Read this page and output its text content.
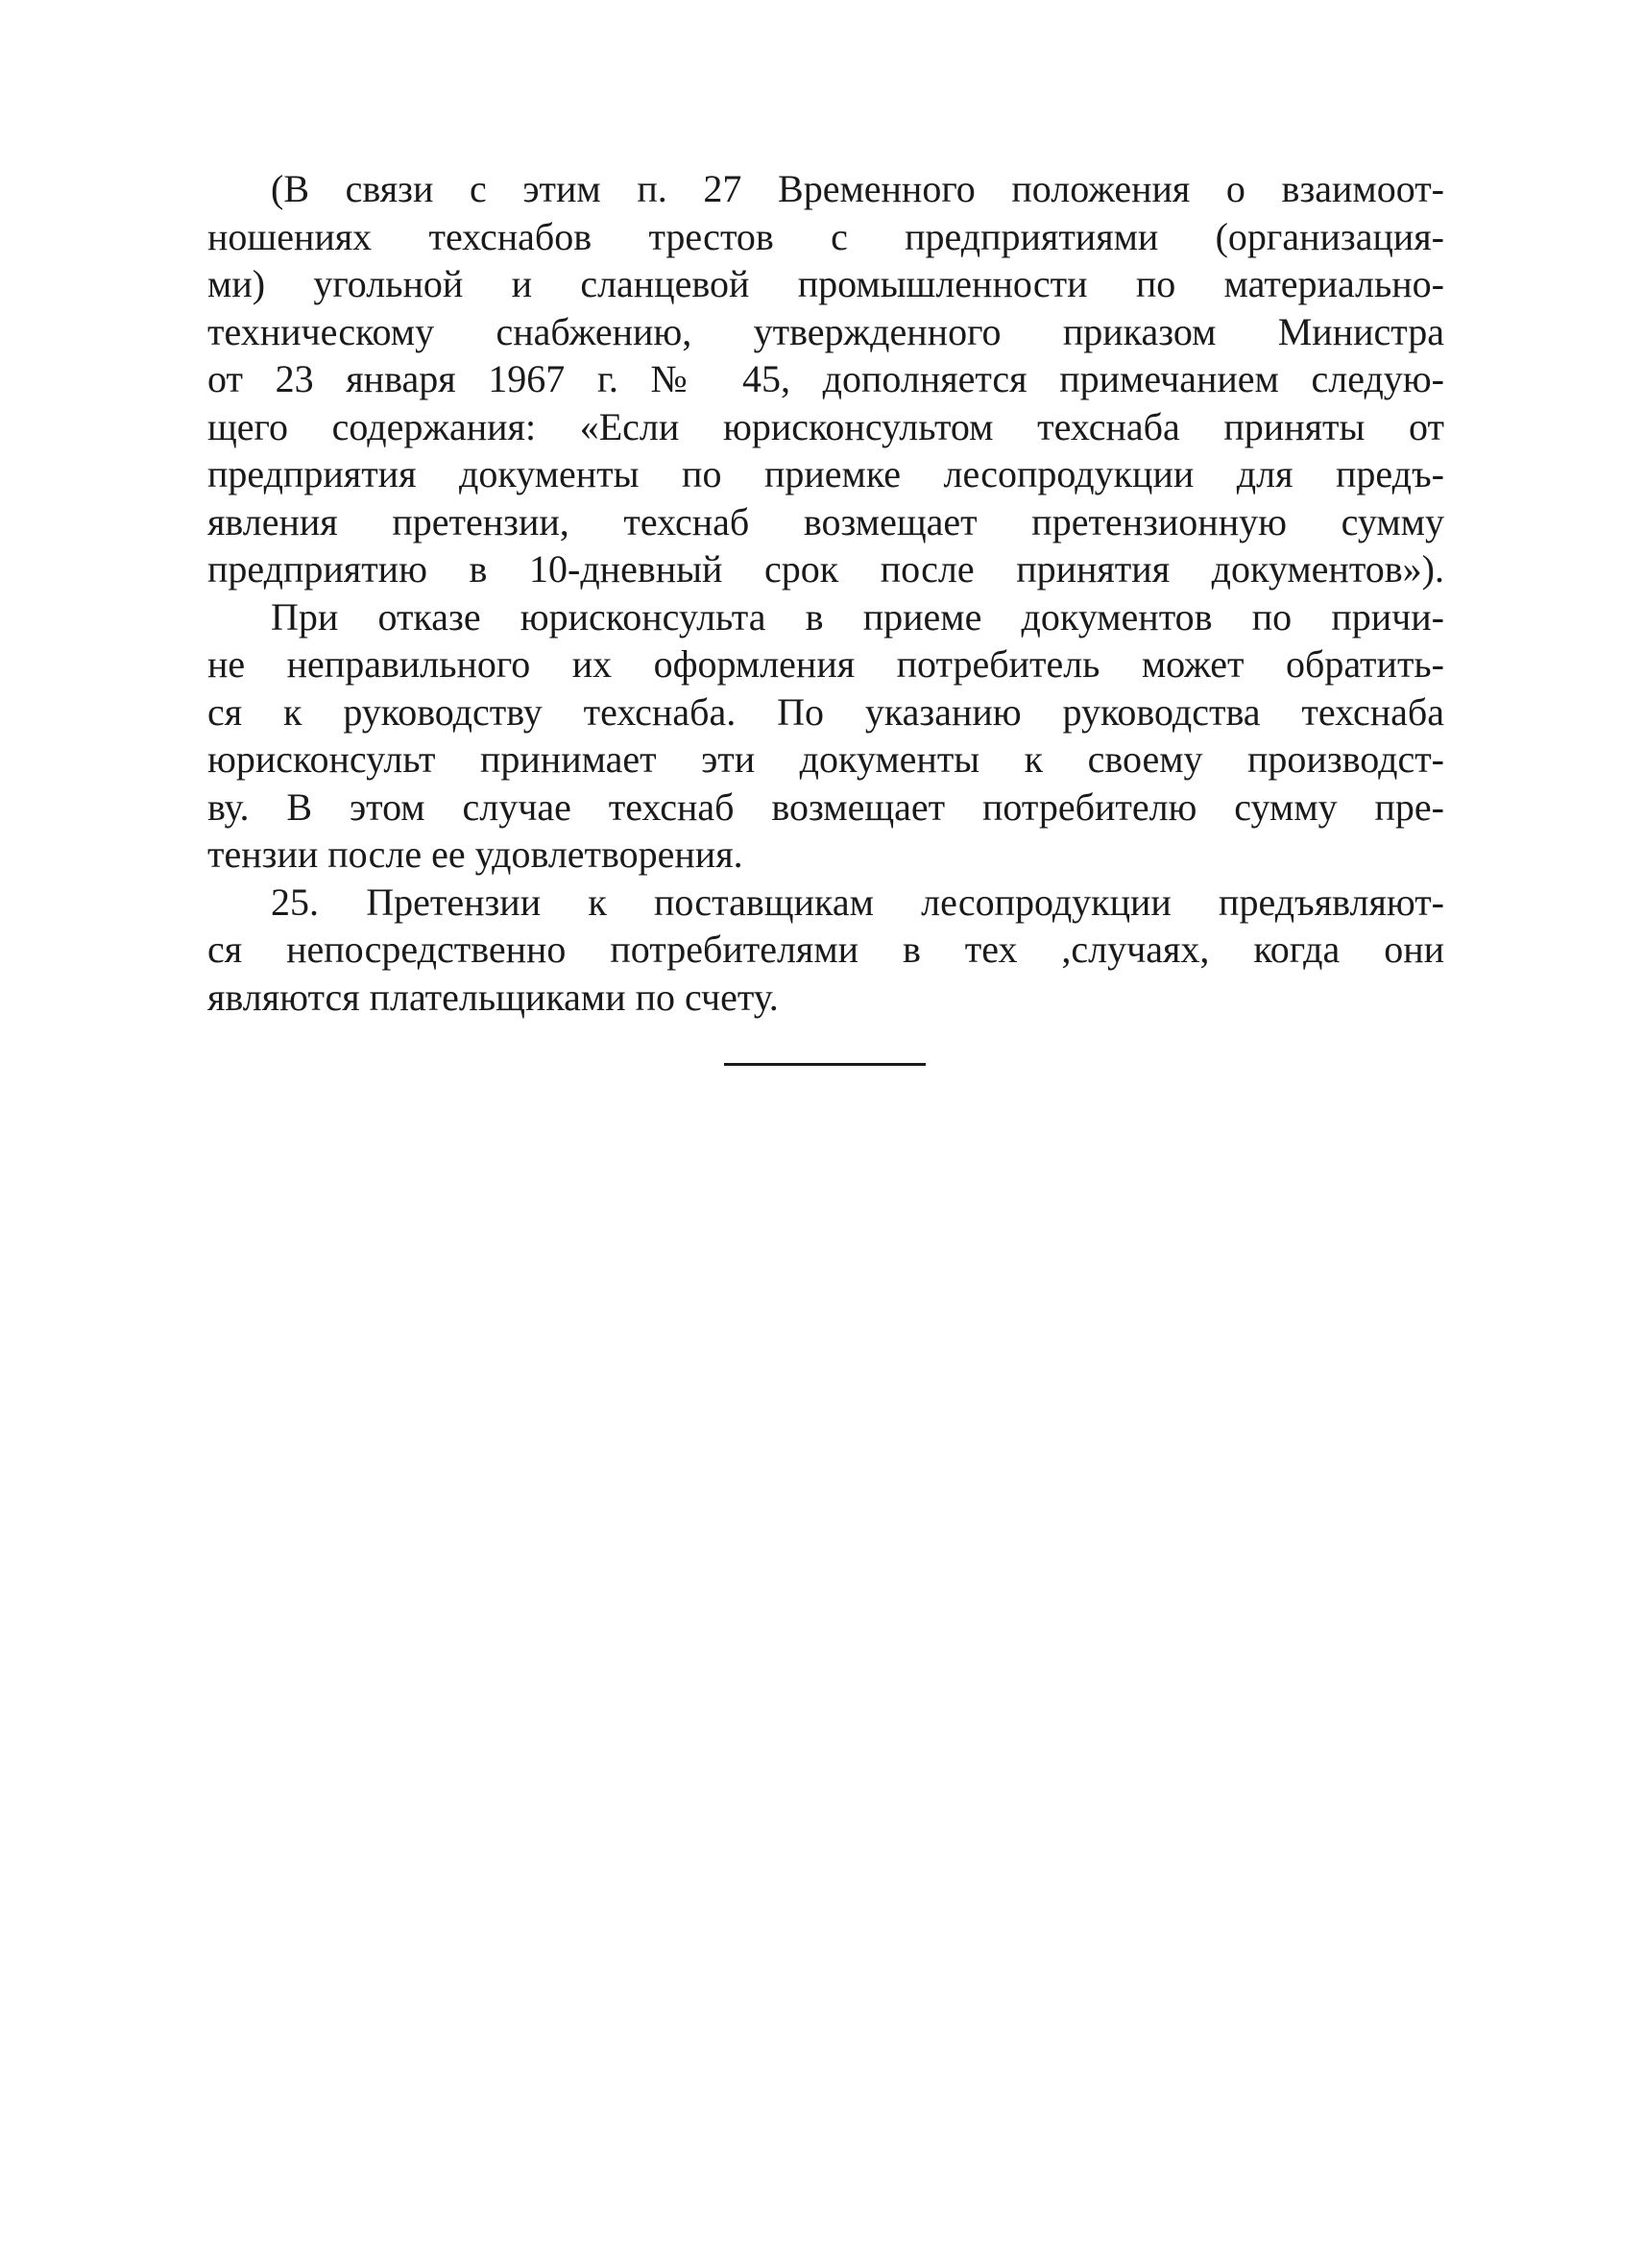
(В связи с этим п. 27 Временного положения о взаимоот-
ношениях техснабов трестов с предприятиями (организация-
ми) угольной и сланцевой промышленности по материально-
техническому снабжению, утвержденного приказом Министра
от 23 января 1967 г. № 45, дополняется примечанием следую-
щего содержания: «Если юрисконсультом техснаба приняты от
предприятия документы по приемке лесопродукции для предъ-
явления претензии, техснаб возмещает претензионную сумму
предприятию в 10-дневный срок после принятия документов»).
При отказе юрисконсульта в приеме документов по причи-
не неправильного их оформления потребитель может обратить-
ся к руководству техснаба. По указанию руководства техснаба
юрисконсульт принимает эти документы к своему производст-
ву. В этом случае техснаб возмещает потребителю сумму пре-
тензии после ее удовлетворения.
25. Претензии к поставщикам лесопродукции предъявляют-
ся непосредственно потребителями в тех ,случаях, когда они
являются плательщиками по счету.
